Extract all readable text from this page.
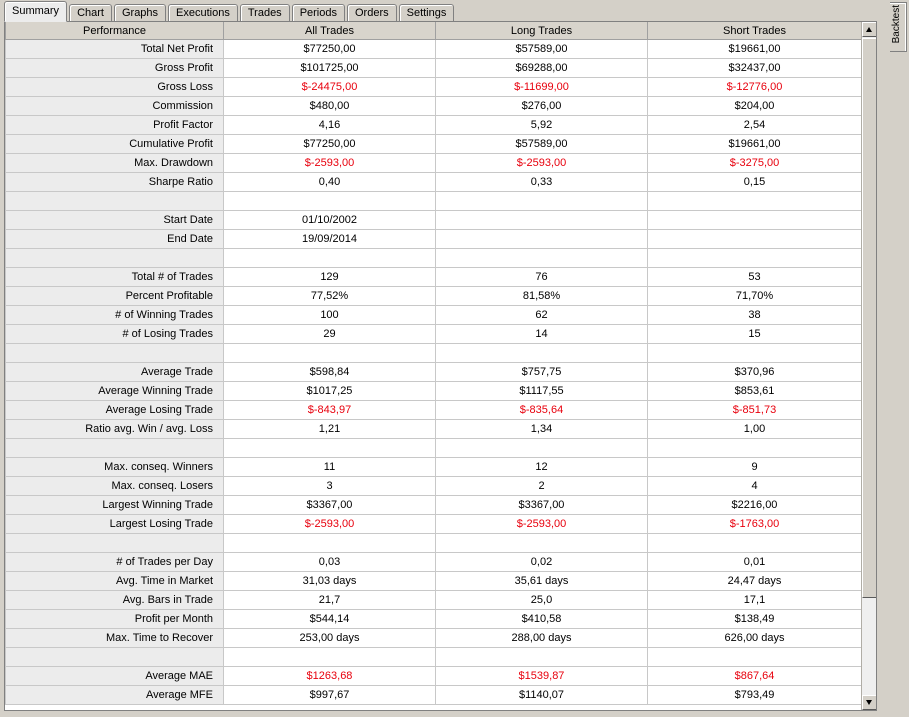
Summary	Chart	Graphs	Executions	Trades	Periods	Orders	Settings	Backtest
Performance	All Trades	Long Trades	Short Trades
Total Net Profit	$77250,00	$57589,00	$19661,00
Gross Profit	$101725,00	$69288,00	$32437,00
Gross Loss	$-24475,00	$-11699,00	$-12776,00
Commission	$480,00	$276,00	$204,00
Profit Factor	4,16	5,92	2,54
Cumulative Profit	$77250,00	$57589,00	$19661,00
Max. Drawdown	$-2593,00	$-2593,00	$-3275,00
Sharpe Ratio	0,40	0,33	0,15

Start Date	01/10/2002		
End Date	19/09/2014		

Total # of Trades	129	76	53
Percent Profitable	77,52%	81,58%	71,70%
# of Winning Trades	100	62	38
# of Losing Trades	29	14	15

Average Trade	$598,84	$757,75	$370,96
Average Winning Trade	$1017,25	$1117,55	$853,61
Average Losing Trade	$-843,97	$-835,64	$-851,73
Ratio avg. Win / avg. Loss	1,21	1,34	1,00

Max. conseq. Winners	11	12	9
Max. conseq. Losers	3	2	4
Largest Winning Trade	$3367,00	$3367,00	$2216,00
Largest Losing Trade	$-2593,00	$-2593,00	$-1763,00

# of Trades per Day	0,03	0,02	0,01
Avg. Time in Market	31,03 days	35,61 days	24,47 days
Avg. Bars in Trade	21,7	25,0	17,1
Profit per Month	$544,14	$410,58	$138,49
Max. Time to Recover	253,00 days	288,00 days	626,00 days

Average MAE	$1263,68	$1539,87	$867,64
Average MFE	$997,67	$1140,07	$793,49
